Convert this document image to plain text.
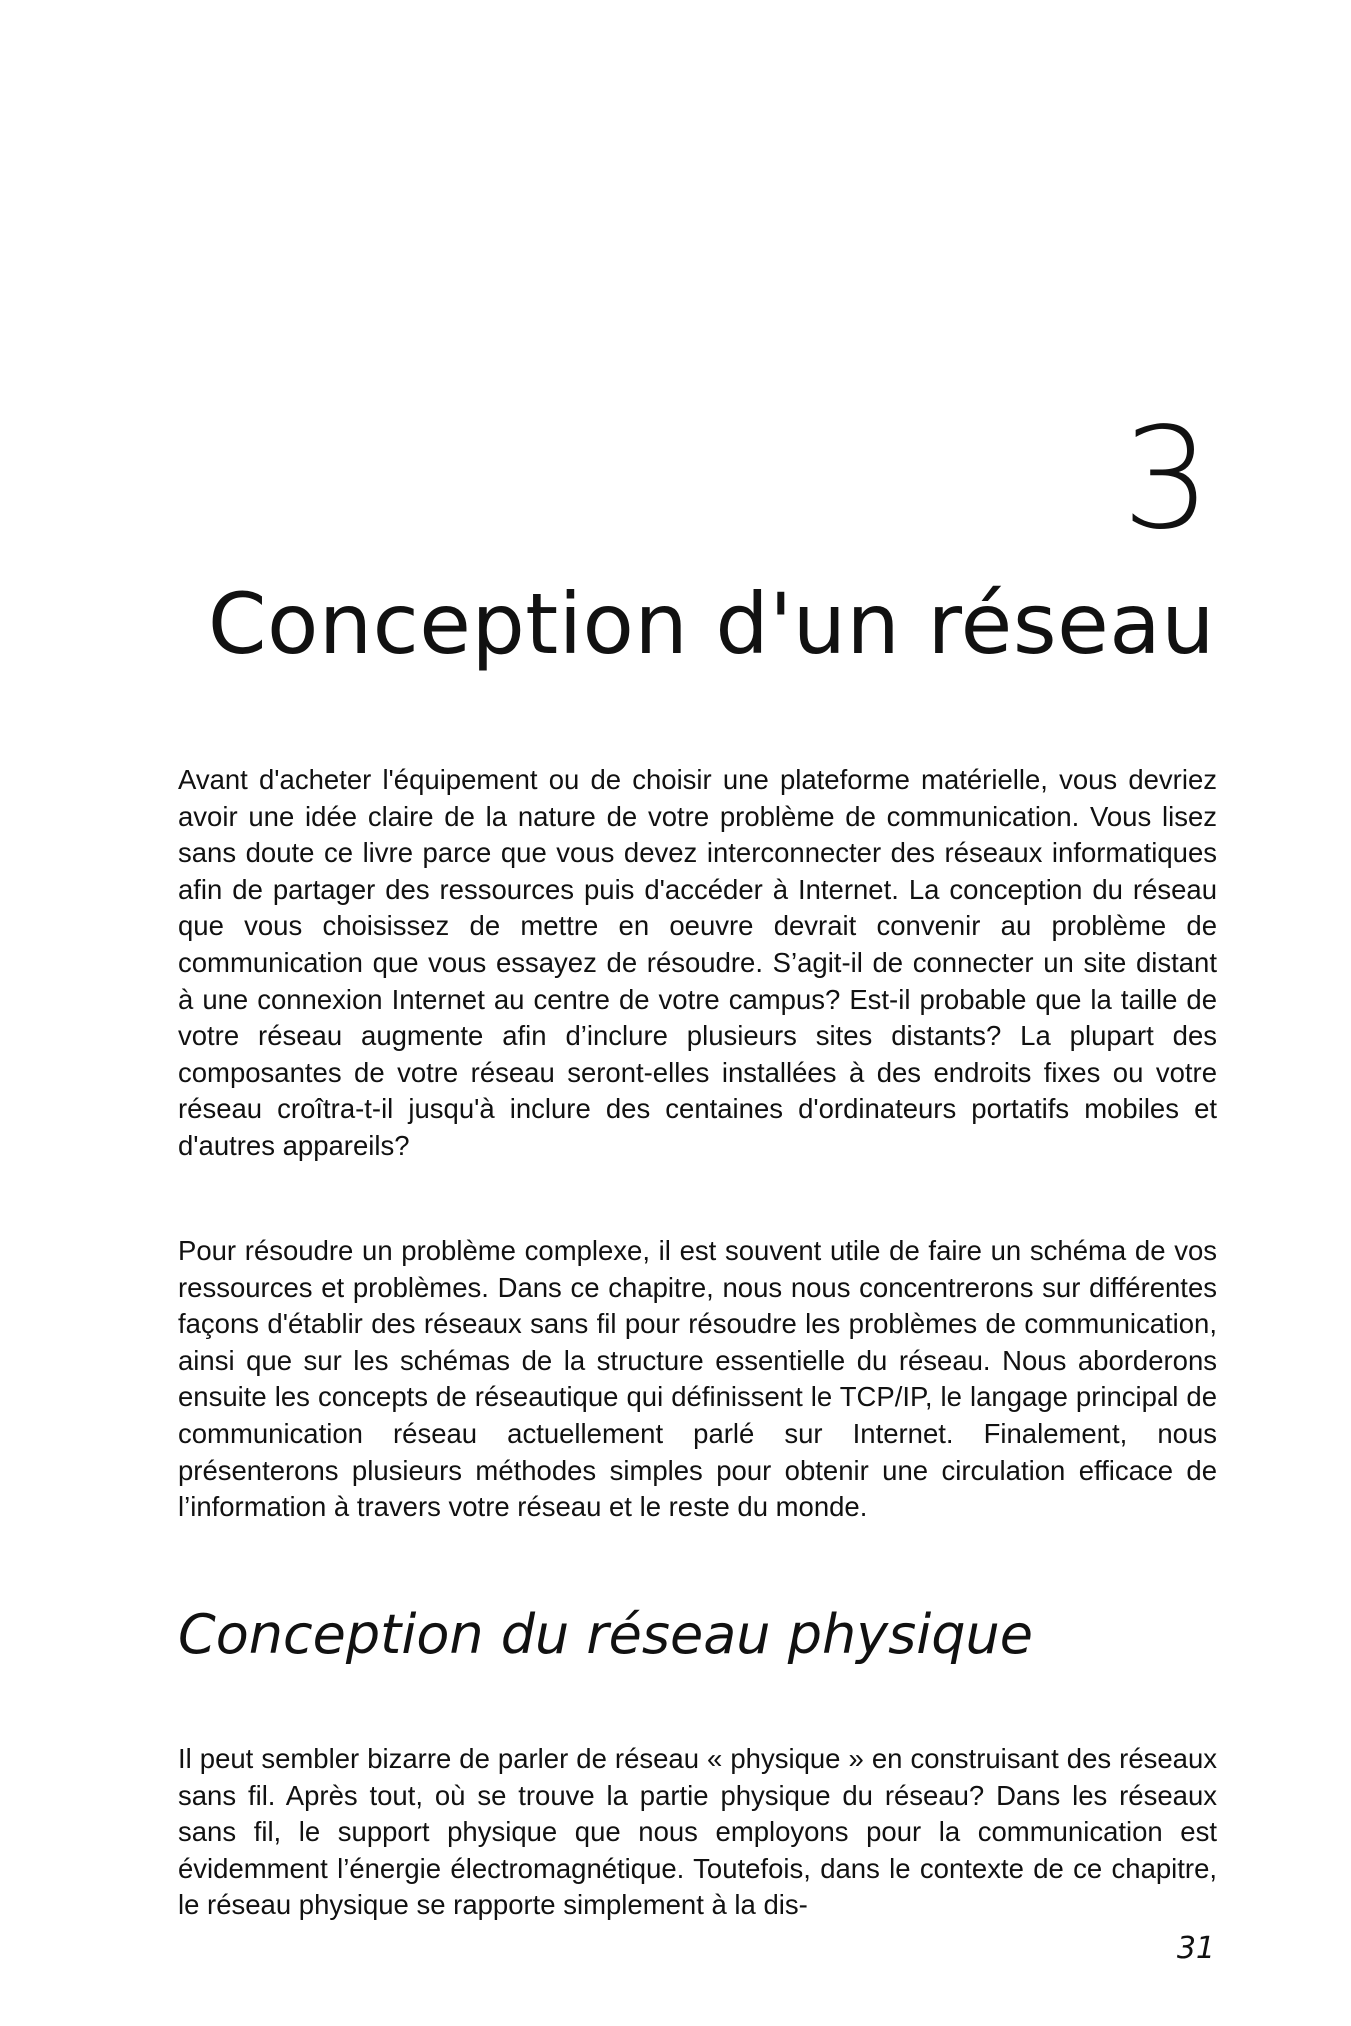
3
Conception d'un réseau

Avant d'acheter l'équipement ou de choisir une plateforme matérielle, vous devriez avoir une idée claire de la nature de votre problème de communication. Vous lisez sans doute ce livre parce que vous devez interconnecter des réseaux informatiques afin de partager des ressources puis d'accéder à Internet. La conception du réseau que vous choisissez de mettre en oeuvre devrait convenir au problème de communication que vous essayez de résoudre. S’agit-il de connecter un site distant à une connexion Internet au centre de votre campus? Est-il probable que la taille de votre réseau augmente afin d’inclure plusieurs sites distants? La plupart des composantes de votre réseau seront-elles installées à des endroits fixes ou votre réseau croîtra-t-il jusqu'à inclure des centaines d'ordinateurs portatifs mobiles et d'autres appareils?

Pour résoudre un problème complexe, il est souvent utile de faire un schéma de vos ressources et problèmes. Dans ce chapitre, nous nous concentrerons sur différentes façons d'établir des réseaux sans fil pour résoudre les problèmes de communication, ainsi que sur les schémas de la structure essentielle du réseau. Nous aborderons ensuite les concepts de réseautique qui définissent le TCP/IP, le langage principal de communication réseau actuellement parlé sur Internet. Finalement, nous présenterons plusieurs méthodes simples pour obtenir une circulation efficace de l’information à travers votre réseau et le reste du monde.

Conception du réseau physique

Il peut sembler bizarre de parler de réseau « physique » en construisant des réseaux sans fil. Après tout, où se trouve la partie physique du réseau? Dans les réseaux sans fil, le support physique que nous employons pour la communication est évidemment l’énergie électromagnétique. Toutefois, dans le contexte de ce chapitre, le réseau physique se rapporte simplement à la dis-

31
